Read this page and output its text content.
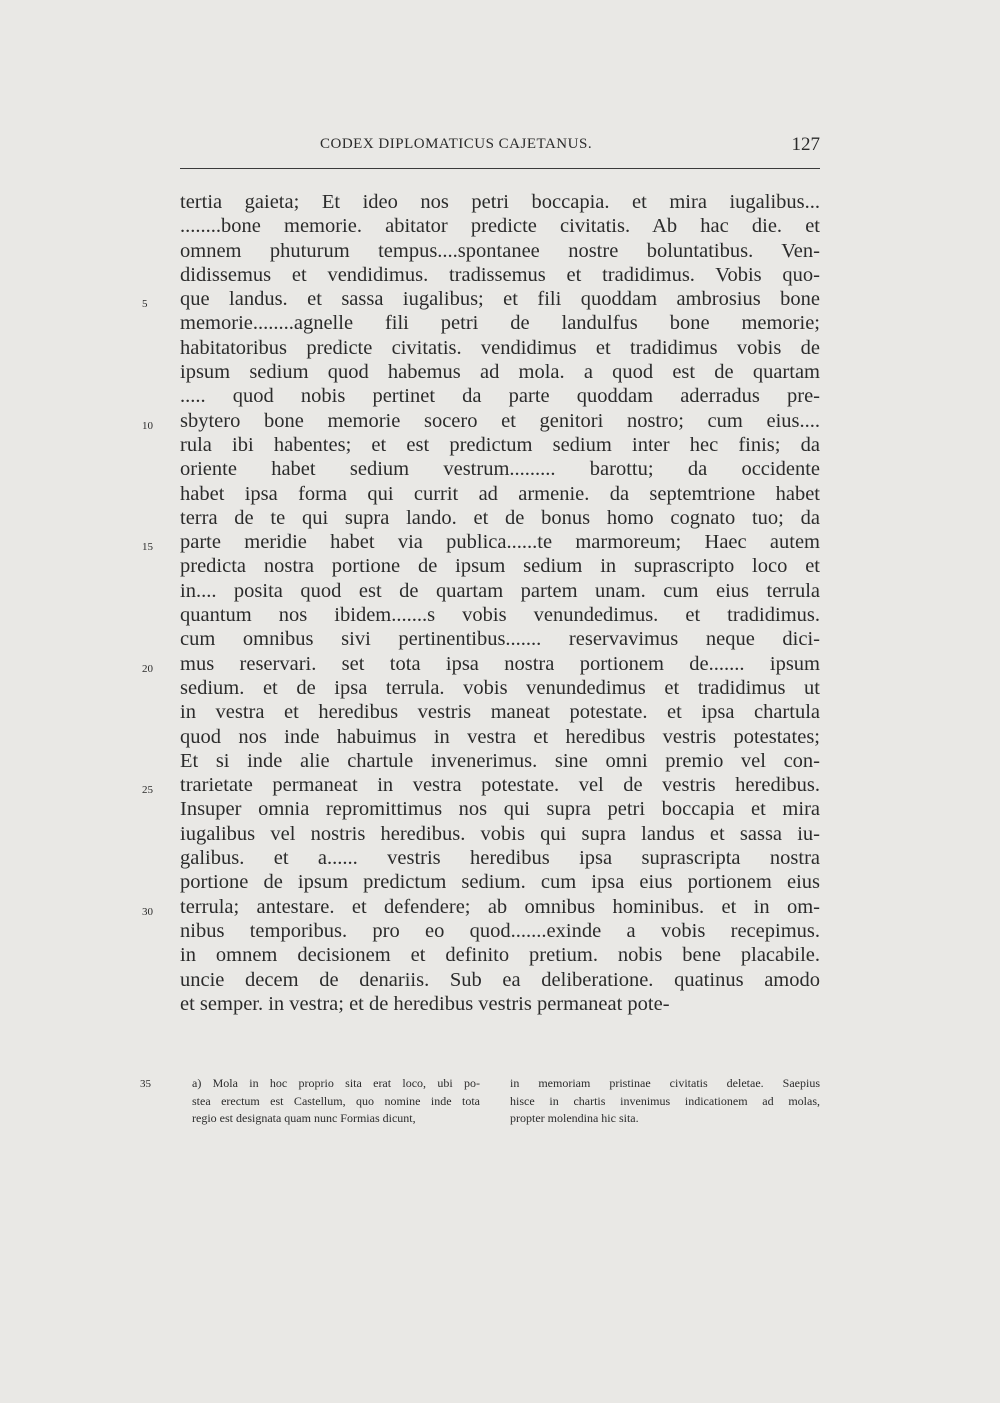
CODEX DIPLOMATICUS CAJETANUS.	127
tertia gaieta; Et ideo nos petri boccapia. et mira iugalibus...
........bone memorie. abitator predicte civitatis. Ab hac die. et
omnem phuturum tempus....spontanee nostre boluntatibus. Ven-
didissemus et vendidimus. tradissemus et tradidimus. Vobis quo-
5	que landus. et sassa iugalibus; et fili quoddam ambrosius bone
memorie........agnelle fili petri de landulfus bone memorie;
habitatoribus predicte civitatis. vendidimus et tradidimus vobis de
ipsum sedium quod habemus ad mola. a quod est de quartam
..... quod nobis pertinet da parte quoddam aderradus pre-
10	sbytero bone memorie socero et genitori nostro; cum eius....
rula ibi habentes; et est predictum sedium inter hec finis; da
oriente habet sedium vestrum......... barottu; da occidente
habet ipsa forma qui currit ad armenie. da septemtrione habet
terra de te qui supra lando. et de bonus homo cognato tuo; da
15	parte meridie habet via publica......te marmoreum; Haec autem
predicta nostra portione de ipsum sedium in suprascripto loco et
in.... posita quod est de quartam partem unam. cum eius terrula
quantum nos ibidem.......s vobis venundedimus. et tradidimus.
cum omnibus sivi pertinentibus....... reservavimus neque dici-
20	mus reservari. set tota ipsa nostra portionem de....... ipsum
sedium. et de ipsa terrula. vobis venundedimus et tradidimus ut
in vestra et heredibus vestris maneat potestate. et ipsa chartula
quod nos inde habuimus in vestra et heredibus vestris potestates;
Et si inde alie chartule invenerimus. sine omni premio vel con-
25	trarietate permaneat in vestra potestate. vel de vestris heredibus.
Insuper omnia repromittimus nos qui supra petri boccapia et mira
iugalibus vel nostris heredibus. vobis qui supra landus et sassa iu-
galibus. et a...... vestris heredibus ipsa suprascripta nostra
portione de ipsum predictum sedium. cum ipsa eius portionem eius
30	terrula; antestare. et defendere; ab omnibus hominibus. et in om-
nibus temporibus. pro eo quod.......exinde a vobis recepimus.
in omnem decisionem et definito pretium. nobis bene placabile.
uncie decem de denariis. Sub ea deliberatione. quatinus amodo
et semper. in vestra; et de heredibus vestris permaneat pote-
35	a) Mola in hoc proprio sita erat loco, ubi po-
stea erectum est Castellum, quo nomine inde tota
regio est designata quam nunc Formias dicunt,
in memoriam pristinae civitatis deletae. Saepius
hisce in chartis invenimus indicationem ad molas,
propter molendina hic sita.
